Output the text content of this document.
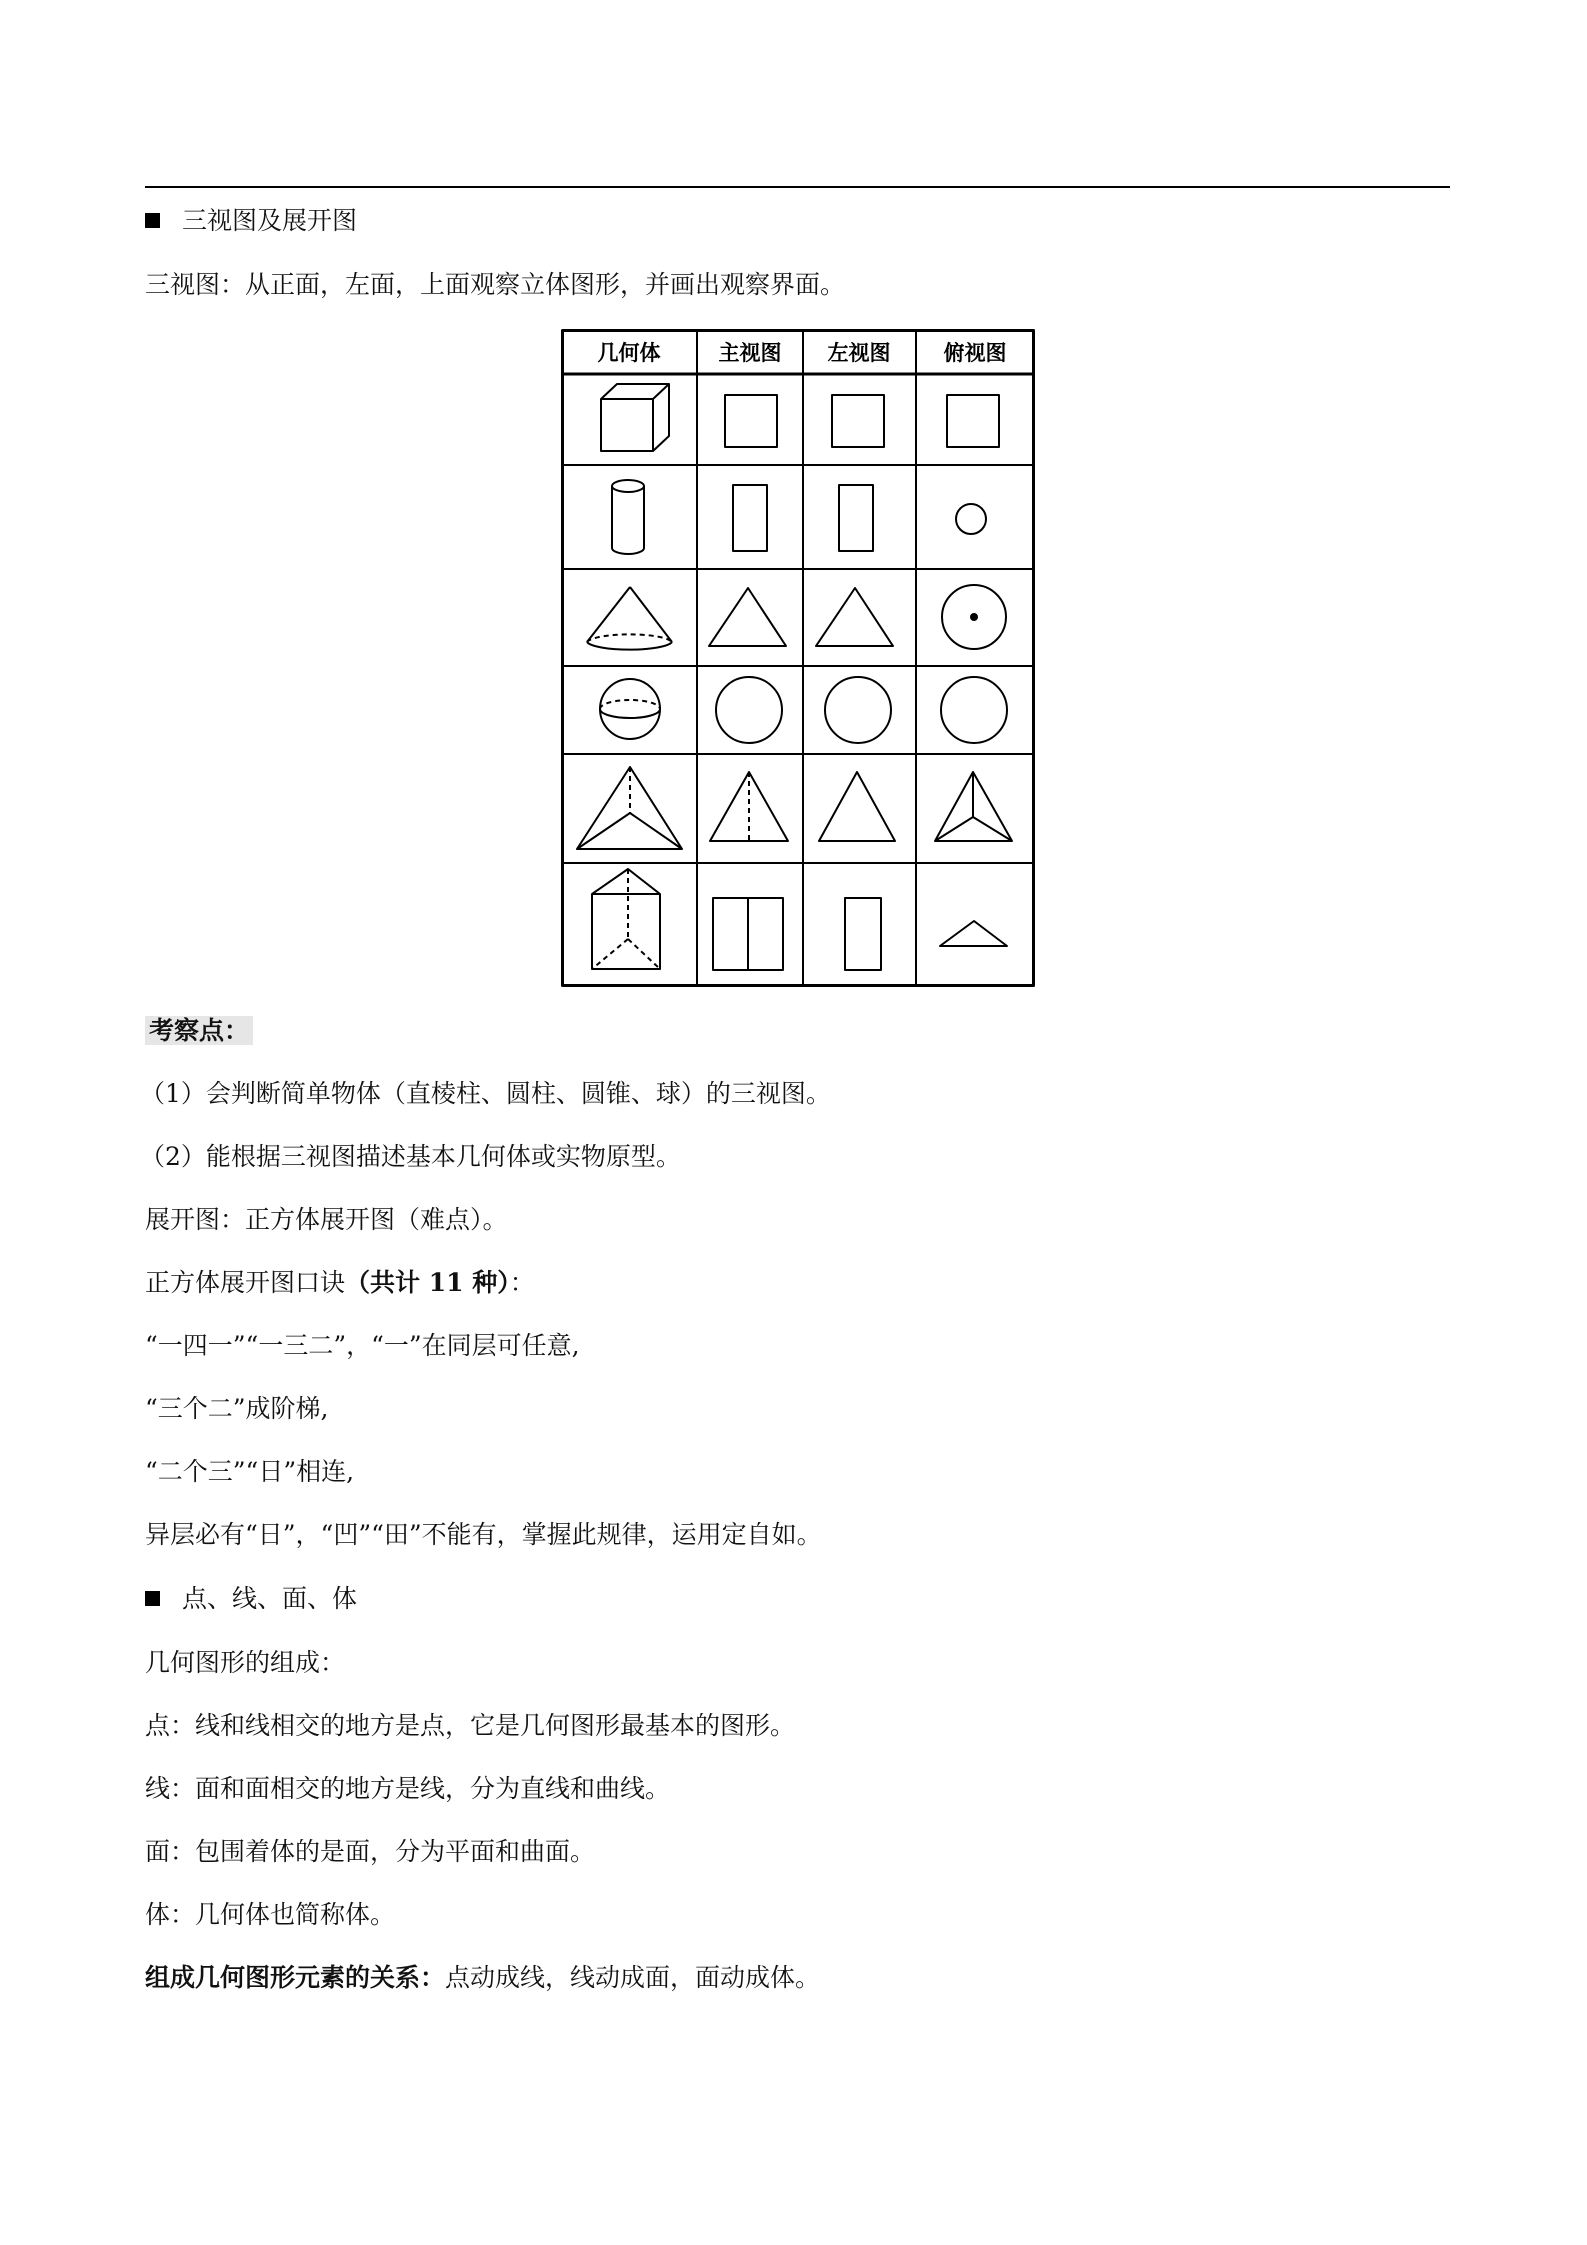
三视图及展开图
三视图：从正面，左面，上面观察立体图形，并画出观察界面。
几何体	主视图 左视图	俯视图
考察点：
（1）会判断简单物体（直棱柱、圆柱、圆锥、球）的三视图。
（2）能根据三视图描述基本几何体或实物原型。
展开图：正方体展开图（难点）。
正方体展开图口诀（共计 11 种）：
“一四一”“一三二”，“一”在同层可任意,
“三个二”成阶梯,
“二个三”“日”相连,
异层必有“日”，“凹”“田”不能有，掌握此规律，运用定自如。
点、线、面、体
几何图形的组成：
点：线和线相交的地方是点，它是几何图形最基本的图形。
线：面和面相交的地方是线，分为直线和曲线。
面：包围着体的是面，分为平面和曲面。
体：几何体也简称体。
组成几何图形元素的关系：点动成线，线动成面，面动成体。
